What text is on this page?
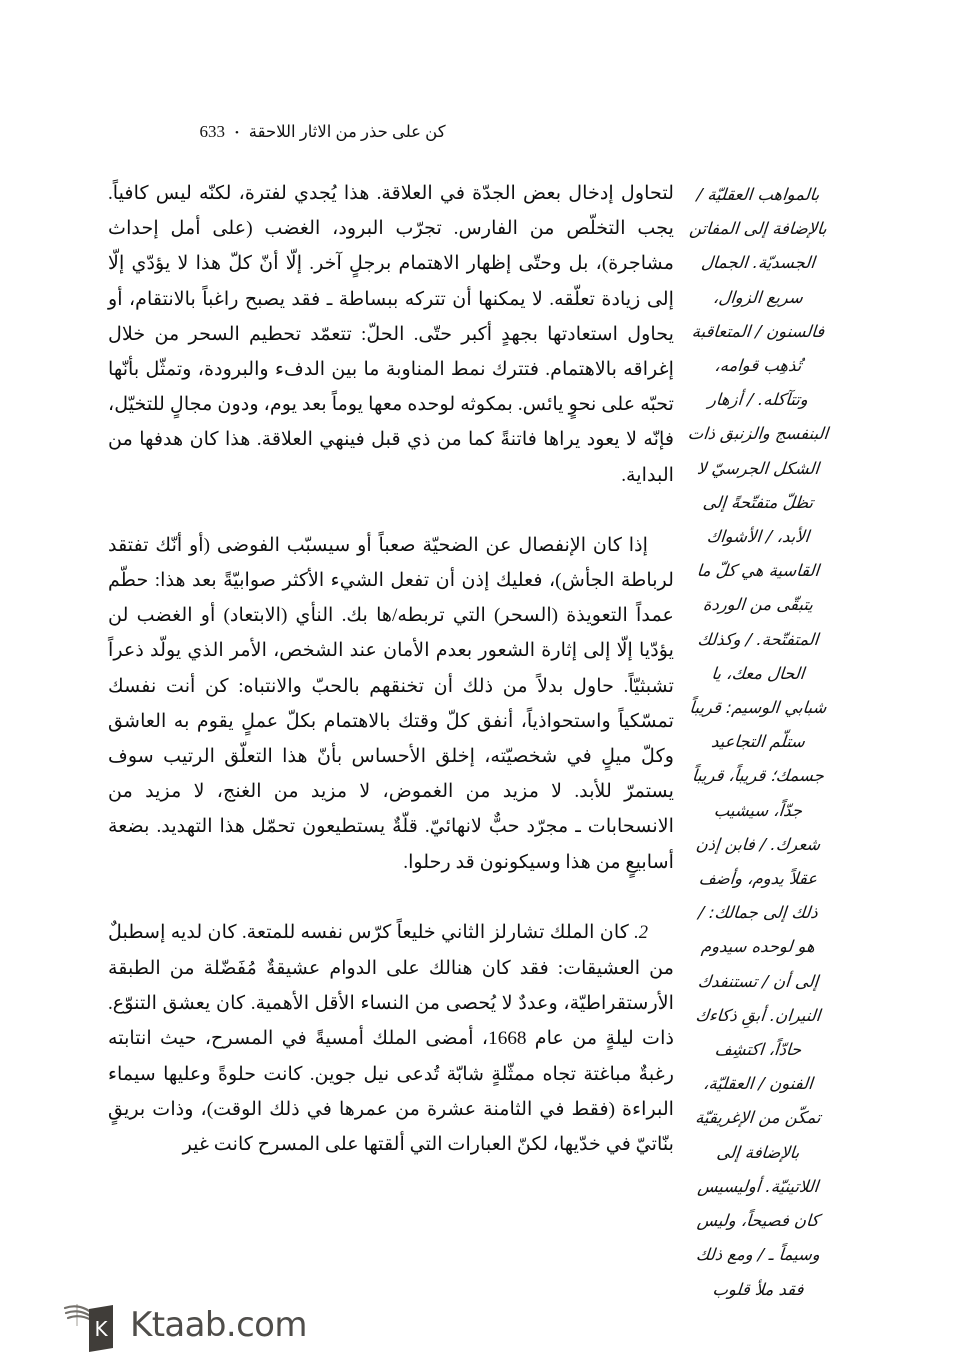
كن على حذر من الاثار اللاحقة•633

لتحاول إدخال بعض الجدّة في العلاقة. هذا يُجدي لفترة، لكنّه ليس كافياً. يجب التخلّص من الفارس. تجرّب البرود، الغضب (على أمل إحداث مشاجرة)، بل وحتّى إظهار الاهتمام برجلٍ آخر. إلّا أنّ كلّ هذا لا يؤدّي إلّا إلى زيادة تعلّقه. لا يمكنها أن تتركه ببساطة ـ فقد يصبح راغباً بالانتقام، أو يحاول استعادتها بجهدٍ أكبر حتّى. الحلّ: تتعمّد تحطيم السحر من خلال إغراقه بالاهتمام. فتترك نمط المناوبة ما بين الدفء والبرودة، وتمثّل بأنّها تحبّه على نحوٍ يائس. بمكوثه لوحده معها يوماً بعد يوم، ودون مجالٍ للتخيّل، فإنّه لا يعود يراها فاتنةً كما من ذي قبل فينهي العلاقة. هذا كان هدفها من البداية.

إذا كان الإنفصال عن الضحيّة صعباً أو سيسبّب الفوضى (أو أنّك تفتقد لرباطة الجأش)، فعليك إذن أن تفعل الشيء الأكثر صوابيّةً بعد هذا: حطّم عمداً التعويذة (السحر) التي تربطه/ها بك. النأي (الابتعاد) أو الغضب لن يؤدّيا إلّا إلى إثارة الشعور بعدم الأمان عند الشخص، الأمر الذي يولّد ذعراً تشبثيّاً. حاول بدلاً من ذلك أن تخنقهم بالحبّ والانتباه: كن أنت نفسك تمسّكياً واستحواذياً، أنفق كلّ وقتك بالاهتمام بكلّ عملٍ يقوم به العاشق وكلّ ميلٍ في شخصيّته، إخلق الأحساس بأنّ هذا التعلّق الرتيب سوف يستمرّ للأبد. لا مزيد من الغموض، لا مزيد من الغنج، لا مزيد من الانسحابات ـ مجرّد حبٌّ لانهائيّ. قلّةٌ يستطيعون تحمّل هذا التهديد. بضعة أسابيعٍ من هذا وسيكونون قد رحلوا.

2. كان الملك تشارلز الثاني خليعاً كرّس نفسه للمتعة. كان لديه إسطبلٌ من العشيقات: فقد كان هنالك على الدوام عشيقةٌ مُفَضّلة من الطبقة الأرستقراطيّة، وعددٌ لا يُحصى من النساء الأقل الأهمية. كان يعشق التنوّع. ذات ليلةٍ من عام 1668، أمضى الملك أمسيةً في المسرح، حيث انتابته رغبةٌ مباغتة تجاه ممثّلةٍ شابّة تُدعى نيل جوين. كانت حلوةً وعليها سيماء البراءة (فقط في الثامنة عشرة من عمرها في ذلك الوقت)، وذات بريقٍ بنّاتيّ في خدّيها، لكنّ العبارات التي ألقتها على المسرح كانت غير

بالمواهب العقليّة /
بالإضافة إلى المفاتن
الجسديّة. الجمال
سريع الزوال،
فالسنون / المتعاقبة
تُذهِب قوامه،
وتتآكله. / أزهار
البنفسج والزنبق ذات
الشكل الجرسيّ لا
تظلّ متفتّحةً إلى
الأبد، / الأشواك
القاسية هي كلّ ما
يتبقّى من الوردة
المتفتّحة. / وكذلك
الحال معك، يا
شبابي الوسيم: قريباً
ستلّم التجاعيد
جسمك؛ قريباً، قريباً
جدّاً، سيشيب
شعرك. / فابن إذن
عقلاً يدوم، وأضف
ذلك إلى جمالك: /
هو لوحده سيدوم
إلى أن / تستنفدك
النيران. أبقِ ذكاءك
حادّاً، اكتشِف
الفنون / العقليّة،
تمكّن من الإغريقيّة
بالإضافة إلى
اللاتينيّة. أوليسيس
كان فصيحاً، وليس
وسيماً ـ / ومع ذلك
فقد ملأ قلوب
K Ktaab.com
